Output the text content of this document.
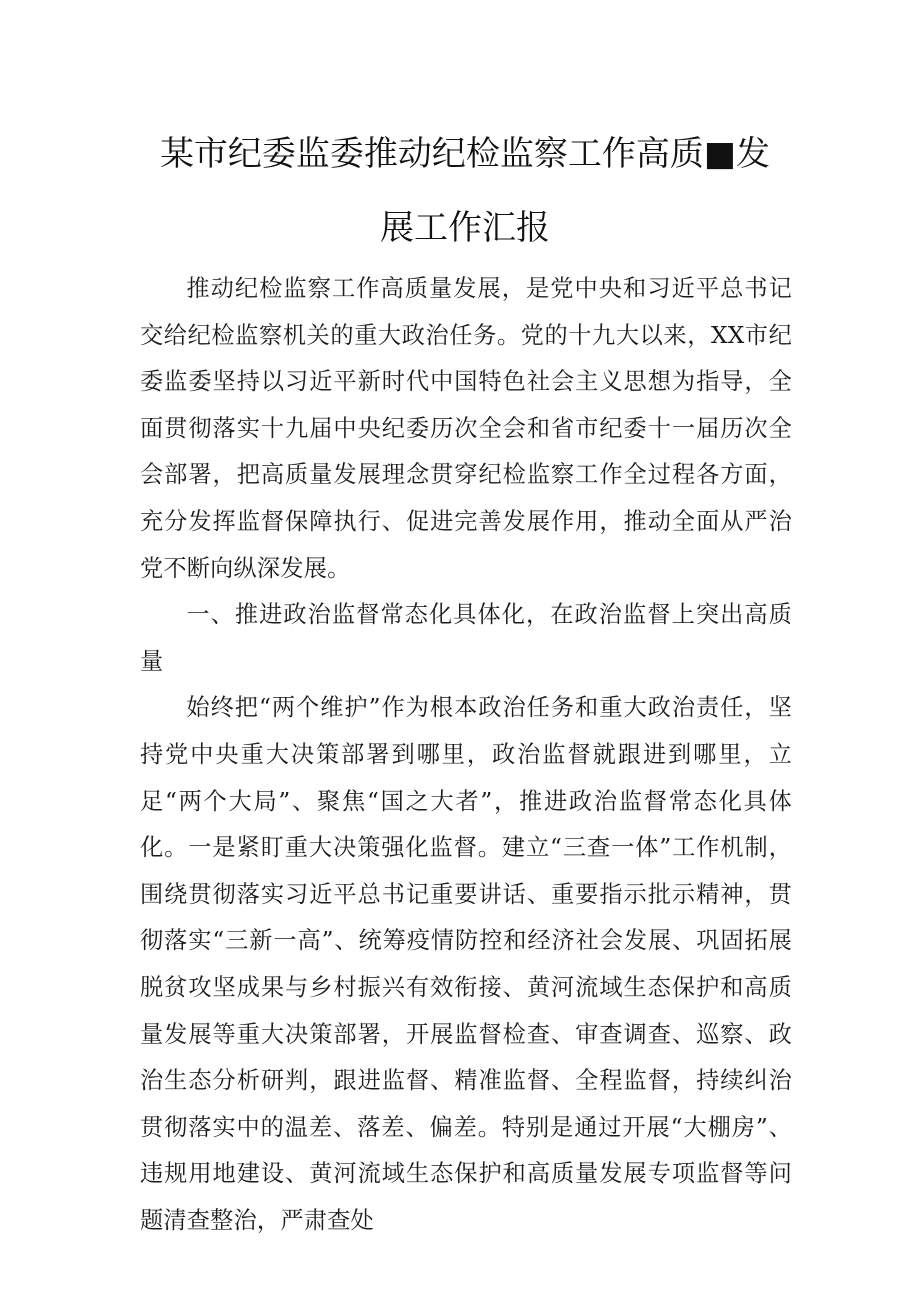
某市纪委监委推动纪检监察工作高质■发
展工作汇报

推动纪检监察工作高质量发展，是党中央和习近平总书记交给纪检监察机关的重大政治任务。党的十九大以来，XX市纪委监委坚持以习近平新时代中国特色社会主义思想为指导，全面贯彻落实十九届中央纪委历次全会和省市纪委十一届历次全会部署，把高质量发展理念贯穿纪检监察工作全过程各方面，充分发挥监督保障执行、促进完善发展作用，推动全面从严治党不断向纵深发展。

一、推进政治监督常态化具体化，在政治监督上突出高质量

始终把“两个维护”作为根本政治任务和重大政治责任，坚持党中央重大决策部署到哪里，政治监督就跟进到哪里，立足“两个大局”、聚焦“国之大者”，推进政治监督常态化具体化。一是紧盯重大决策强化监督。建立“三查一体”工作机制，围绕贯彻落实习近平总书记重要讲话、重要指示批示精神，贯彻落实“三新一高”、统筹疫情防控和经济社会发展、巩固拓展脱贫攻坚成果与乡村振兴有效衔接、黄河流域生态保护和高质量发展等重大决策部署，开展监督检查、审查调查、巡察、政治生态分析研判，跟进监督、精准监督、全程监督，持续纠治贯彻落实中的温差、落差、偏差。特别是通过开展“大棚房”、违规用地建设、黄河流域生态保护和高质量发展专项监督等问题清查整治，严肃查处
